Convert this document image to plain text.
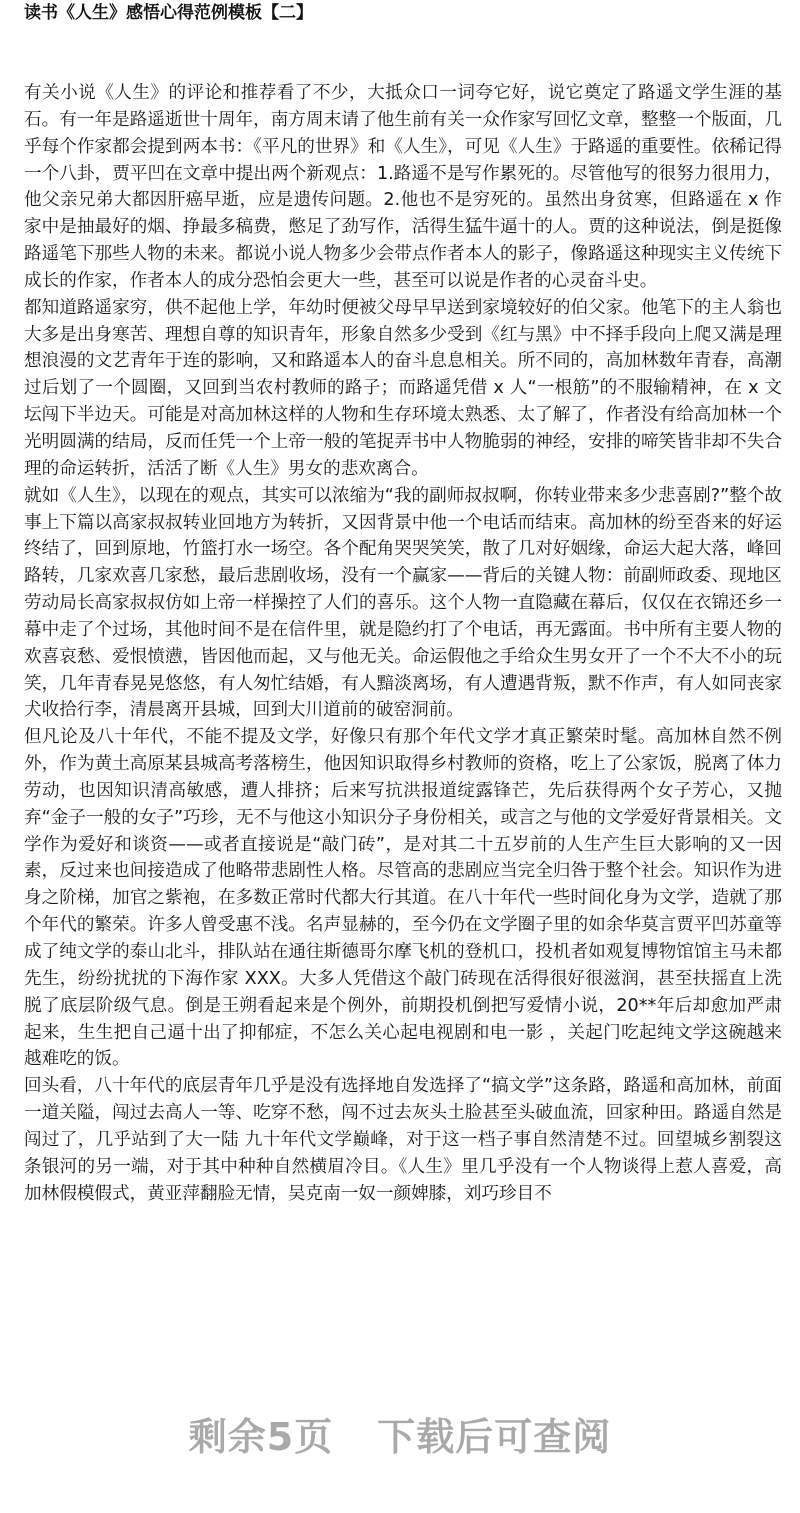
读书《人生》感悟心得范例模板【二】

有关小说《人生》的评论和推荐看了不少，大抵众口一词夸它好，说它奠定了路遥文学生涯的基石。有一年是路遥逝世十周年，南方周末请了他生前有关一众作家写回忆文章，整整一个版面，几乎每个作家都会提到两本书：《平凡的世界》和《人生》，可见《人生》于路遥的重要性。依稀记得一个八卦，贾平凹在文章中提出两个新观点：1.路遥不是写作累死的。尽管他写的很努力很用力，他父亲兄弟大都因肝癌早逝，应是遗传问题。2.他也不是穷死的。虽然出身贫寒，但路遥在 x 作家中是抽最好的烟、挣最多稿费，憋足了劲写作，活得生猛牛逼十的人。贾的这种说法，倒是挺像路遥笔下那些人物的未来。都说小说人物多少会带点作者本人的影子，像路遥这种现实主义传统下成长的作家，作者本人的成分恐怕会更大一些，甚至可以说是作者的心灵奋斗史。

都知道路遥家穷，供不起他上学，年幼时便被父母早早送到家境较好的伯父家。他笔下的主人翁也大多是出身寒苦、理想自尊的知识青年，形象自然多少受到《红与黑》中不择手段向上爬又满是理想浪漫的文艺青年于连的影响，又和路遥本人的奋斗息息相关。所不同的，高加林数年青春，高潮过后划了一个圆圈，又回到当农村教师的路子；而路遥凭借 x 人“一根筋”的不服输精神，在 x 文坛闯下半边天。可能是对高加林这样的人物和生存环境太熟悉、太了解了，作者没有给高加林一个光明圆满的结局，反而任凭一个上帝一般的笔捉弄书中人物脆弱的神经，安排的啼笑皆非却不失合理的命运转折，活活了断《人生》男女的悲欢离合。

就如《人生》，以现在的观点，其实可以浓缩为“我的副师叔叔啊，你转业带来多少悲喜剧?”整个故事上下篇以高家叔叔转业回地方为转折，又因背景中他一个电话而结束。高加林的纷至沓来的好运终结了，回到原地，竹篮打水一场空。各个配角哭哭笑笑，散了几对好姻缘，命运大起大落，峰回路转，几家欢喜几家愁，最后悲剧收场，没有一个赢家——背后的关键人物：前副师政委、现地区劳动局长高家叔叔仿如上帝一样操控了人们的喜乐。这个人物一直隐藏在幕后，仅仅在衣锦还乡一幕中走了个过场，其他时间不是在信件里，就是隐约打了个电话，再无露面。书中所有主要人物的欢喜哀愁、爱恨愤懑，皆因他而起，又与他无关。命运假他之手给众生男女开了一个不大不小的玩笑，几年青春晃晃悠悠，有人匆忙结婚，有人黯淡离场，有人遭遇背叛，默不作声，有人如同丧家犬收拾行李，清晨离开县城，回到大川道前的破窑洞前。

但凡论及八十年代，不能不提及文学，好像只有那个年代文学才真正繁荣时髦。高加林自然不例外，作为黄土高原某县城高考落榜生，他因知识取得乡村教师的资格，吃上了公家饭，脱离了体力劳动，也因知识清高敏感，遭人排挤；后来写抗洪报道绽露锋芒，先后获得两个女子芳心，又抛弃“金子一般的女子”巧珍，无不与他这小知识分子身份相关，或言之与他的文学爱好背景相关。文学作为爱好和谈资——或者直接说是“敲门砖”，是对其二十五岁前的人生产生巨大影响的又一因素，反过来也间接造成了他略带悲剧性人格。尽管高的悲剧应当完全归咎于整个社会。知识作为进身之阶梯，加官之紫袍，在多数正常时代都大行其道。在八十年代一些时间化身为文学，造就了那个年代的繁荣。许多人曾受惠不浅。名声显赫的，至今仍在文学圈子里的如余华莫言贾平凹苏童等成了纯文学的泰山北斗，排队站在通往斯德哥尔摩飞机的登机口，投机者如观复博物馆馆主马未都先生，纷纷扰扰的下海作家 XXX。大多人凭借这个敲门砖现在活得很好很滋润，甚至扶摇直上洗脱了底层阶级气息。倒是王朔看起来是个例外，前期投机倒把写爱情小说，20**年后却愈加严肃起来，生生把自己逼十出了抑郁症，不怎么关心起电视剧和电一影 ，关起门吃起纯文学这碗越来越难吃的饭。

回头看，八十年代的底层青年几乎是没有选择地自发选择了“搞文学”这条路，路遥和高加林，前面一道关隘，闯过去高人一等、吃穿不愁，闯不过去灰头土脸甚至头破血流，回家种田。路遥自然是闯过了，几乎站到了大一陆 九十年代文学巅峰，对于这一档子事自然清楚不过。回望城乡割裂这条银河的另一端，对于其中种种自然横眉冷目。《人生》里几乎没有一个人物谈得上惹人喜爱，高加林假模假式，黄亚萍翻脸无情，吴克南一奴一颜婢膝，刘巧珍目不

剩余5页 下载后可查阅
